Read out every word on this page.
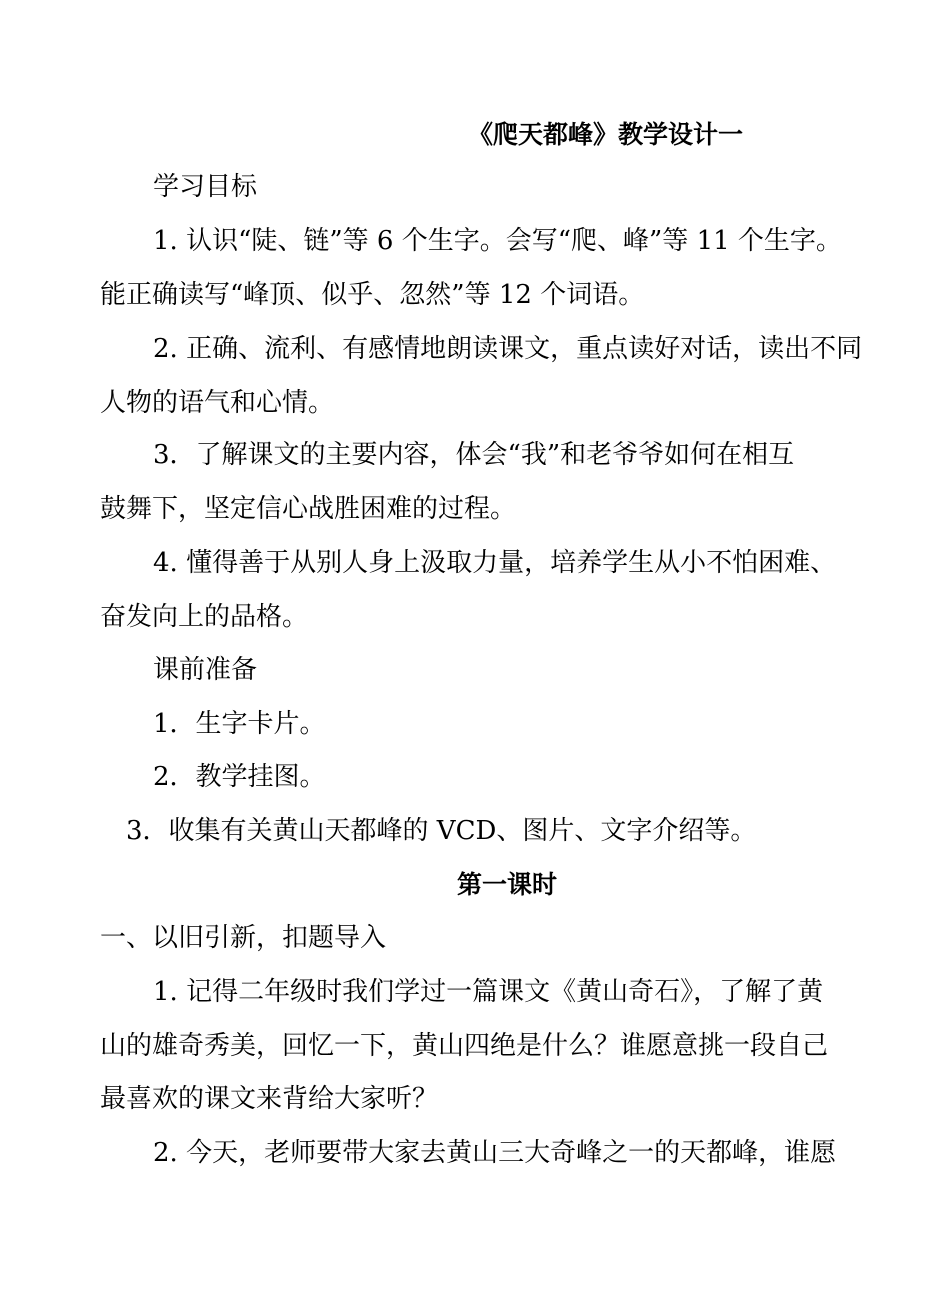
《爬天都峰》教学设计一
学习目标
1. 认识“陡、链”等 6 个生字。会写“爬、峰”等 11 个生字。
能正确读写“峰顶、似乎、忽然”等 12 个词语。
2. 正确、流利、有感情地朗读课文，重点读好对话，读出不同
人物的语气和心情。
3．了解课文的主要内容，体会“我”和老爷爷如何在相互
鼓舞下，坚定信心战胜困难的过程。
4. 懂得善于从别人身上汲取力量，培养学生从小不怕困难、
奋发向上的品格。
课前准备
1．生字卡片。
2．教学挂图。
3．收集有关黄山天都峰的 VCD、图片、文字介绍等。
第一课时
一、以旧引新，扣题导入
1. 记得二年级时我们学过一篇课文《黄山奇石》，了解了黄
山的雄奇秀美，回忆一下，黄山四绝是什么？谁愿意挑一段自己
最喜欢的课文来背给大家听？
2. 今天，老师要带大家去黄山三大奇峰之一的天都峰，谁愿
